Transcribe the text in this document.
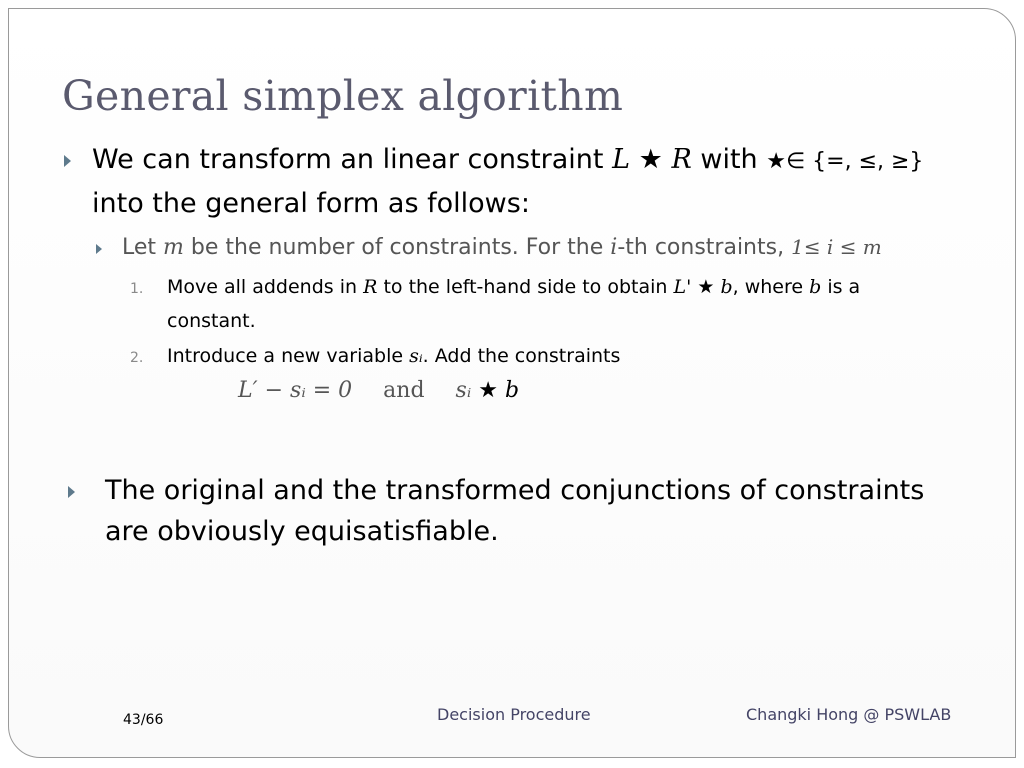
General simplex algorithm
We can transform an linear constraint L ★ R with ★∈ {=, ≤, ≥}
into the general form as follows:
Let m be the number of constraints. For the i-th constraints, 1≤ i ≤ m
1. Move all addends in R to the left-hand side to obtain L' ★ b, where b is a
constant.
2. Introduce a new variable sᵢ. Add the constraints
L′ − sᵢ = 0 and sᵢ ★ b
The original and the transformed conjunctions of constraints
are obviously equisatisfiable.
43/66	Decision Procedure	Changki Hong @ PSWLAB
